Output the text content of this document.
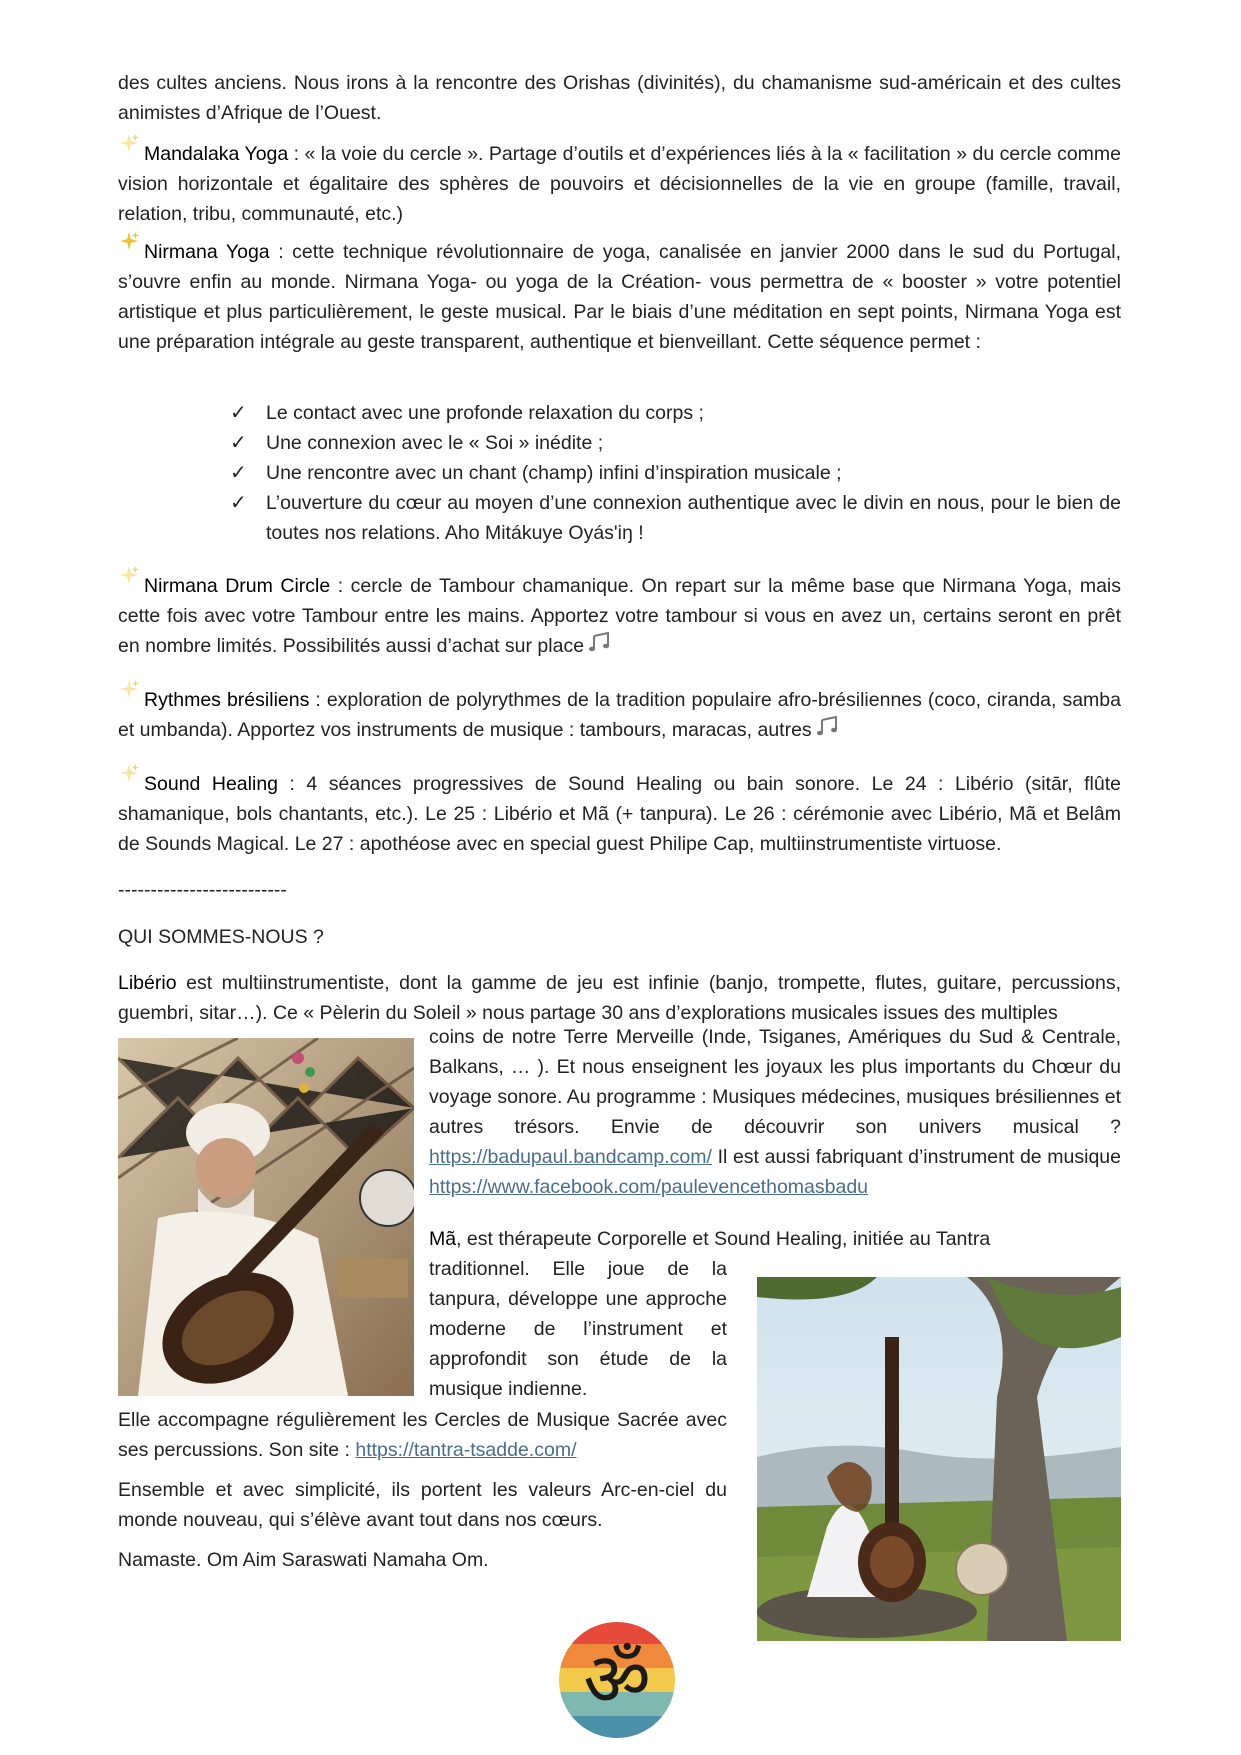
des cultes anciens. Nous irons à la rencontre des Orishas (divinités), du chamanisme sud-américain et des cultes animistes d’Afrique de l’Ouest.

Mandalaka Yoga : « la voie du cercle ». Partage d’outils et d’expériences liés à la « facilitation » du cercle comme vision horizontale et égalitaire des sphères de pouvoirs et décisionnelles de la vie en groupe (famille, travail, relation, tribu, communauté, etc.)

Nirmana Yoga : cette technique révolutionnaire de yoga, canalisée en janvier 2000 dans le sud du Portugal, s’ouvre enfin au monde. Nirmana Yoga- ou yoga de la Création- vous permettra de « booster » votre potentiel artistique et plus particulièrement, le geste musical. Par le biais d’une méditation en sept points, Nirmana Yoga est une préparation intégrale au geste transparent, authentique et bienveillant. Cette séquence permet :

✓ Le contact avec une profonde relaxation du corps ;
✓ Une connexion avec le « Soi » inédite ;
✓ Une rencontre avec un chant (champ) infini d’inspiration musicale ;
✓ L’ouverture du cœur au moyen d’une connexion authentique avec le divin en nous, pour le bien de toutes nos relations. Aho Mitákuye Oyás'iŋ !

Nirmana Drum Circle : cercle de Tambour chamanique. On repart sur la même base que Nirmana Yoga, mais cette fois avec votre Tambour entre les mains. Apportez votre tambour si vous en avez un, certains seront en prêt en nombre limités. Possibilités aussi d’achat sur place

Rythmes brésiliens : exploration de polyrythmes de la tradition populaire afro-brésiliennes (coco, ciranda, samba et umbanda). Apportez vos instruments de musique : tambours, maracas, autres

Sound Healing : 4 séances progressives de Sound Healing ou bain sonore. Le 24 : Libério (sitār, flûte shamanique, bols chantants, etc.). Le 25 : Libério et Mã (+ tanpura). Le 26 : cérémonie avec Libério, Mã et Belâm de Sounds Magical. Le 27 : apothéose avec en special guest Philipe Cap, multiinstrumentiste virtuose.

--------------------------

QUI SOMMES-NOUS ?

Libério est multiinstrumentiste, dont la gamme de jeu est infinie (banjo, trompette, flutes, guitare, percussions, guembri, sitar…). Ce « Pèlerin du Soleil » nous partage 30 ans d’explorations musicales issues des multiples

coins de notre Terre Merveille (Inde, Tsiganes, Amériques du Sud & Centrale, Balkans, … ). Et nous enseignent les joyaux les plus importants du Chœur du voyage sonore. Au programme : Musiques médecines, musiques brésiliennes et autres trésors. Envie de découvrir son univers musical ? https://badupaul.bandcamp.com/ Il est aussi fabriquant d’instrument de musique https://www.facebook.com/paulevencethomasbadu

Mã, est thérapeute Corporelle et Sound Healing, initiée au Tantra

traditionnel. Elle joue de la tanpura, développe une approche moderne de l’instrument et approfondit son étude de la musique indienne.

Elle accompagne régulièrement les Cercles de Musique Sacrée avec ses percussions. Son site : https://tantra-tsadde.com/

Ensemble et avec simplicité, ils portent les valeurs Arc-en-ciel du monde nouveau, qui s’élève avant tout dans nos cœurs.

Namaste. Om Aim Saraswati Namaha Om.

ॐ
